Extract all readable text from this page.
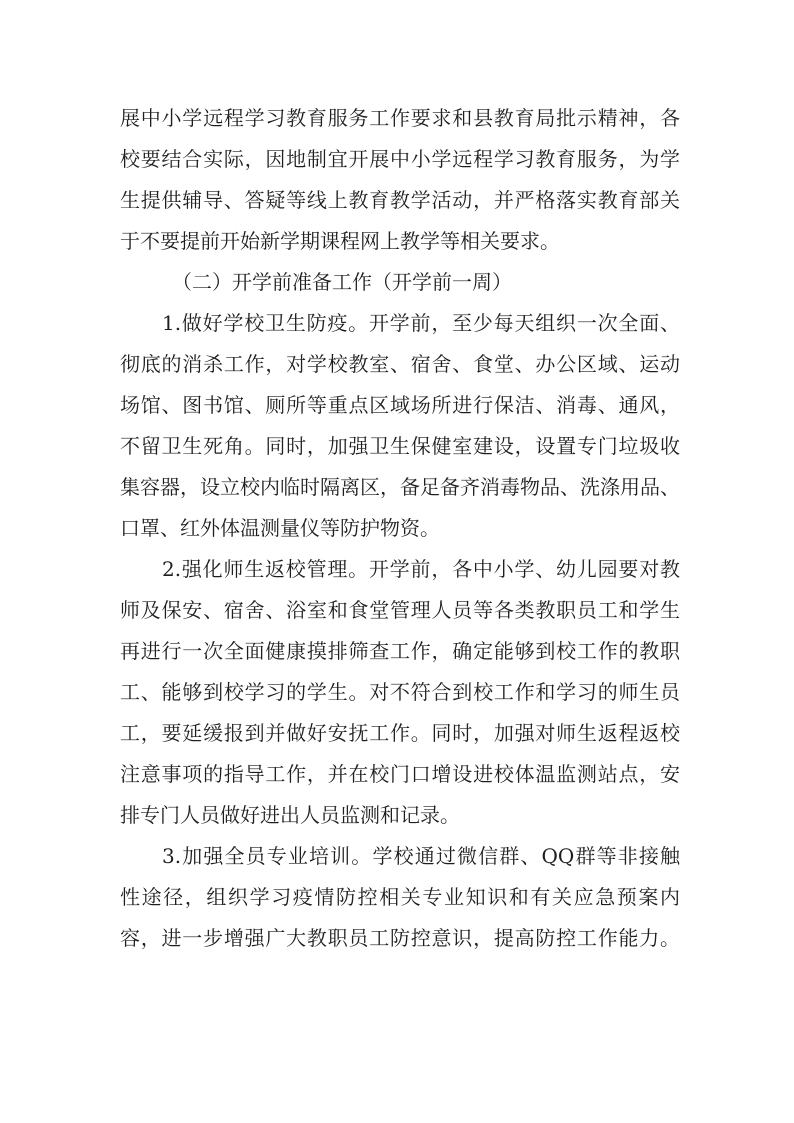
展中小学远程学习教育服务工作要求和县教育局批示精神，各
校要结合实际，因地制宜开展中小学远程学习教育服务，为学
生提供辅导、答疑等线上教育教学活动，并严格落实教育部关
于不要提前开始新学期课程网上教学等相关要求。
（二）开学前准备工作（开学前一周）
1.做好学校卫生防疫。开学前，至少每天组织一次全面、
彻底的消杀工作，对学校教室、宿舍、食堂、办公区域、运动
场馆、图书馆、厕所等重点区域场所进行保洁、消毒、通风，
不留卫生死角。同时，加强卫生保健室建设，设置专门垃圾收
集容器，设立校内临时隔离区，备足备齐消毒物品、洗涤用品、
口罩、红外体温测量仪等防护物资。
2.强化师生返校管理。开学前，各中小学、幼儿园要对教
师及保安、宿舍、浴室和食堂管理人员等各类教职员工和学生
再进行一次全面健康摸排筛查工作，确定能够到校工作的教职
工、能够到校学习的学生。对不符合到校工作和学习的师生员
工，要延缓报到并做好安抚工作。同时，加强对师生返程返校
注意事项的指导工作，并在校门口增设进校体温监测站点，安
排专门人员做好进出人员监测和记录。
3.加强全员专业培训。学校通过微信群、QQ群等非接触
性途径，组织学习疫情防控相关专业知识和有关应急预案内
容，进一步增强广大教职员工防控意识，提高防控工作能力。
